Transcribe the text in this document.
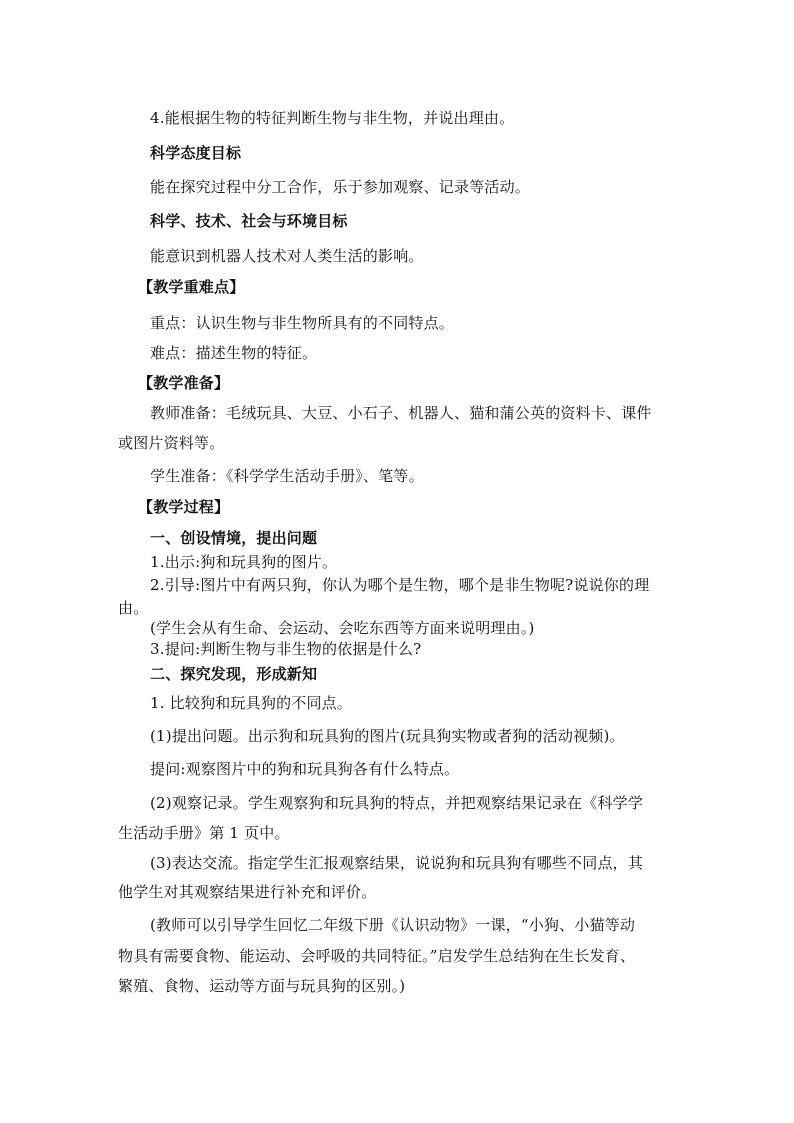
4.能根据生物的特征判断生物与非生物，并说出理由。
科学态度目标
能在探究过程中分工合作，乐于参加观察、记录等活动。
科学、技术、社会与环境目标
能意识到机器人技术对人类生活的影响。
【教学重难点】
重点：认识生物与非生物所具有的不同特点。
难点：描述生物的特征。
【教学准备】
教师准备：毛绒玩具、大豆、小石子、机器人、猫和蒲公英的资料卡、课件
或图片资料等。
学生准备：《科学学生活动手册》、笔等。
【教学过程】
一、创设情境，提出问题
1.出示:狗和玩具狗的图片。
2.引导:图片中有两只狗，你认为哪个是生物，哪个是非生物呢?说说你的理
由。
(学生会从有生命、会运动、会吃东西等方面来说明理由。)
3.提问:判断生物与非生物的依据是什么?
二、探究发现，形成新知
1. 比较狗和玩具狗的不同点。
(1)提出问题。出示狗和玩具狗的图片(玩具狗实物或者狗的活动视频)。
提问:观察图片中的狗和玩具狗各有什么特点。
(2)观察记录。学生观察狗和玩具狗的特点，并把观察结果记录在《科学学
生活动手册》第 1 页中。
(3)表达交流。指定学生汇报观察结果，说说狗和玩具狗有哪些不同点，其
他学生对其观察结果进行补充和评价。
(教师可以引导学生回忆二年级下册《认识动物》一课，“小狗、小猫等动
物具有需要食物、能运动、会呼吸的共同特征。”启发学生总结狗在生长发育、
繁殖、食物、运动等方面与玩具狗的区别。)
